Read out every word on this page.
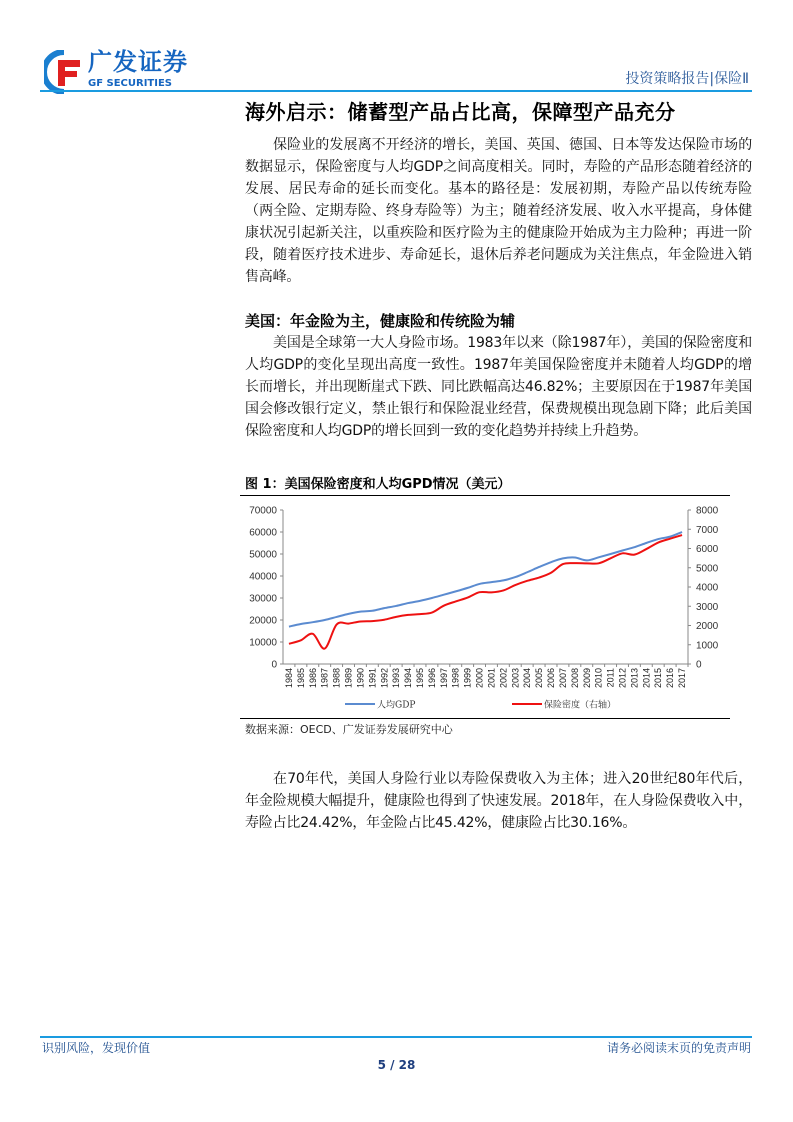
广发证券
GF SECURITIES	投资策略报告|保险Ⅱ
海外启示：储蓄型产品占比高，保障型产品充分
保险业的发展离不开经济的增长，美国、英国、德国、日本等发达保险市场的数据显示，保险密度与人均GDP之间高度相关。同时，寿险的产品形态随着经济的发展、居民寿命的延长而变化。基本的路径是：发展初期，寿险产品以传统寿险（两全险、定期寿险、终身寿险等）为主；随着经济发展、收入水平提高，身体健康状况引起新关注，以重疾险和医疗险为主的健康险开始成为主力险种；再进一阶段，随着医疗技术进步、寿命延长，退休后养老问题成为关注焦点，年金险进入销售高峰。
美国：年金险为主，健康险和传统险为辅
美国是全球第一大人身险市场。1983年以来（除1987年），美国的保险密度和人均GDP的变化呈现出高度一致性。1987年美国保险密度并未随着人均GDP的增长而增长，并出现断崖式下跌、同比跌幅高达46.82%；主要原因在于1987年美国国会修改银行定义，禁止银行和保险混业经营，保费规模出现急剧下降；此后美国保险密度和人均GDP的增长回到一致的变化趋势并持续上升趋势。
图 1：美国保险密度和人均GPD情况（美元）
0
10000
20000
30000
40000
50000
60000
70000
0
1000
2000
3000
4000
5000
6000
7000
8000
1984 1985 1986 1987 1988 1989 1990 1991 1992 1993 1994 1995 1996 1997 1998 1999 2000 2001 2002 2003 2004 2005 2006 2007 2008 2009 2010 2011 2012 2013 2014 2015 2016 2017
人均GDP	保险密度（右轴）
数据来源：OECD、广发证券发展研究中心
在70年代，美国人身险行业以寿险保费收入为主体；进入20世纪80年代后，年金险规模大幅提升，健康险也得到了快速发展。2018年，在人身险保费收入中，寿险占比24.42%，年金险占比45.42%，健康险占比30.16%。
识别风险，发现价值	请务必阅读末页的免责声明
5 / 28
